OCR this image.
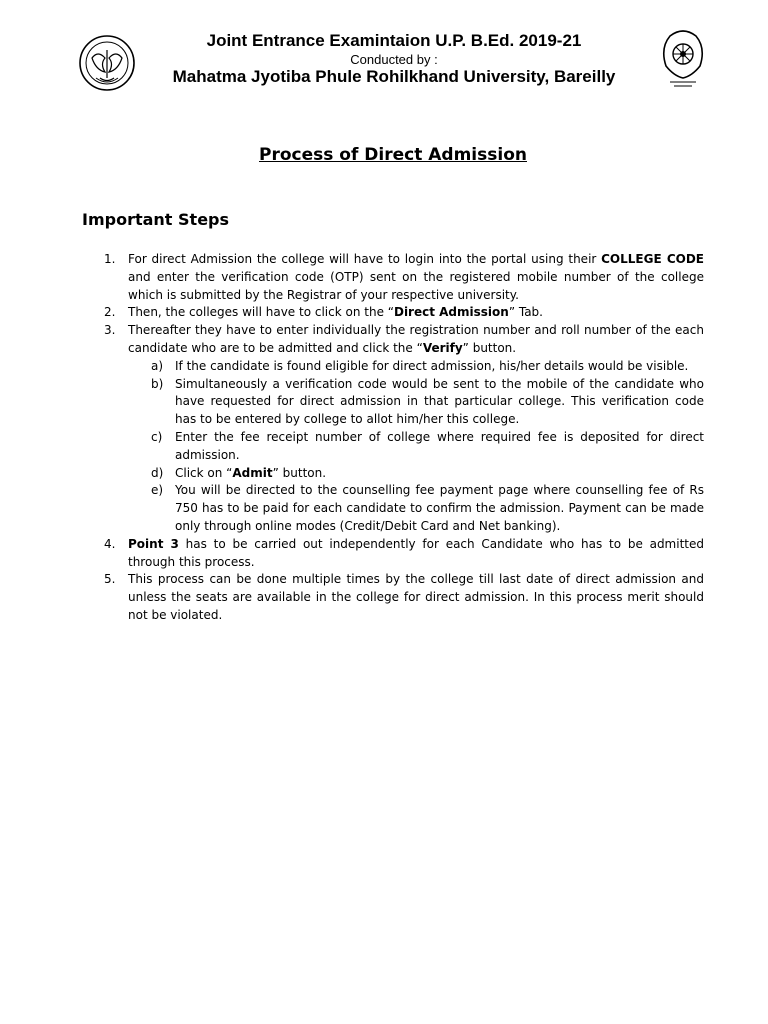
Joint Entrance Examintaion U.P. B.Ed. 2019-21
Conducted by :
Mahatma Jyotiba Phule Rohilkhand University, Bareilly
Process of Direct Admission
Important Steps
1. For direct Admission the college will have to login into the portal using their COLLEGE CODE and enter the verification code (OTP) sent on the registered mobile number of the college which is submitted by the Registrar of your respective university.
2. Then, the colleges will have to click on the “Direct Admission” Tab.
3. Thereafter they have to enter individually the registration number and roll number of the each candidate who are to be admitted and click the “Verify” button.
a) If the candidate is found eligible for direct admission, his/her details would be visible.
b) Simultaneously a verification code would be sent to the mobile of the candidate who have requested for direct admission in that particular college. This verification code has to be entered by college to allot him/her this college.
c) Enter the fee receipt number of college where required fee is deposited for direct admission.
d) Click on “Admit” button.
e) You will be directed to the counselling fee payment page where counselling fee of Rs 750 has to be paid for each candidate to confirm the admission. Payment can be made only through online modes (Credit/Debit Card and Net banking).
4. Point 3 has to be carried out independently for each Candidate who has to be admitted through this process.
5. This process can be done multiple times by the college till last date of direct admission and unless the seats are available in the college for direct admission. In this process merit should not be violated.
